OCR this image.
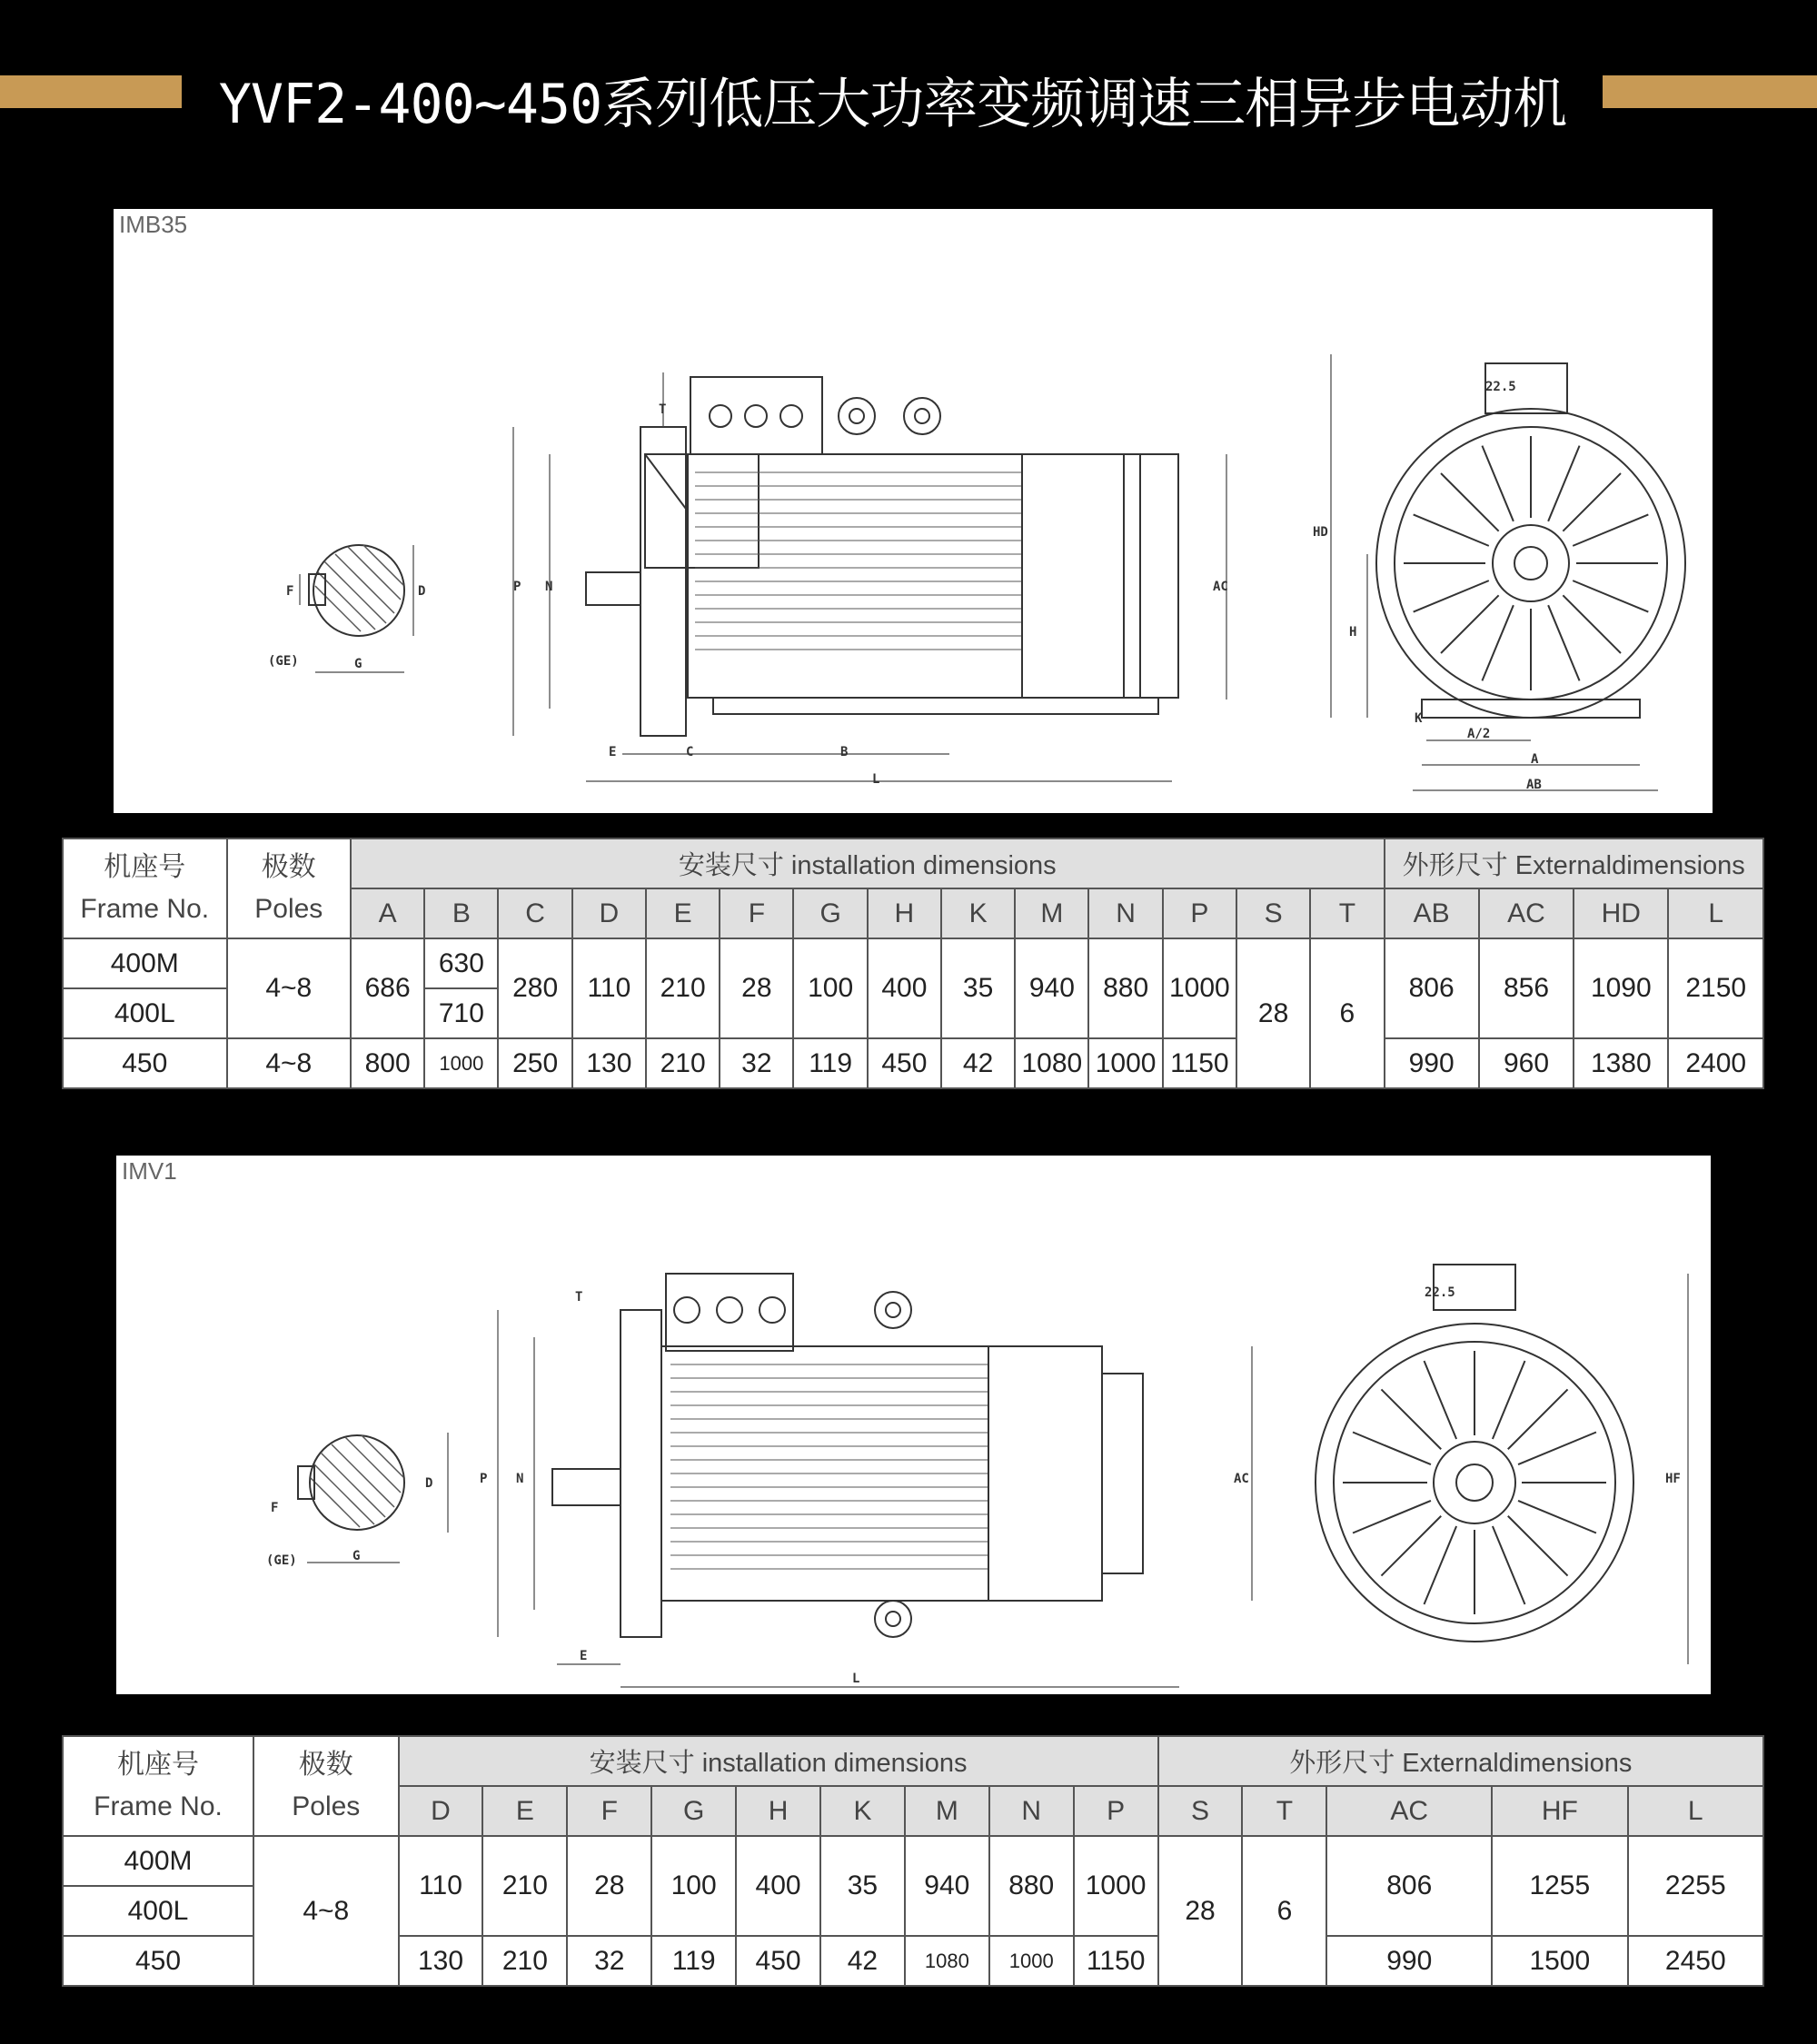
YVF2-400~450系列低压大功率变频调速三相异步电动机
IMB35
D
F
(GE)	G
T
P N	AC
E	C	B
L
22.5
HD
H
K
A/2
A
AB
机座号
Frame No.	极数
Poles	安装尺寸 installation dimensions														外形尺寸 Externaldimensions			
		A	B	C	D	E	F	G	H	K	M	N	P	S	T	AB	AC	HD	L
400M	4~8	686	630	280	110	210	28	100	400	35	940	880	1000	28	6	806	856	1090	2150
400L			710																
450	4~8	800	1000	250	130	210	32	119	450	42	1080	1000	1150			990	960	1380	2400
IMV1
D
F
(GE)	G
T
P N	AC
E
L
22.5
HF
机座号
Frame No.	极数
Poles	安装尺寸 installation dimensions									外形尺寸 Externaldimensions				
		D	E	F	G	H	K	M	N	P	S	T	AC	HF	L
400M	4~8	110	210	28	100	400	35	940	880	1000	28	6	806	1255	2255
400L															
450		130	210	32	119	450	42	1080	1000	1150			990	1500	2450
